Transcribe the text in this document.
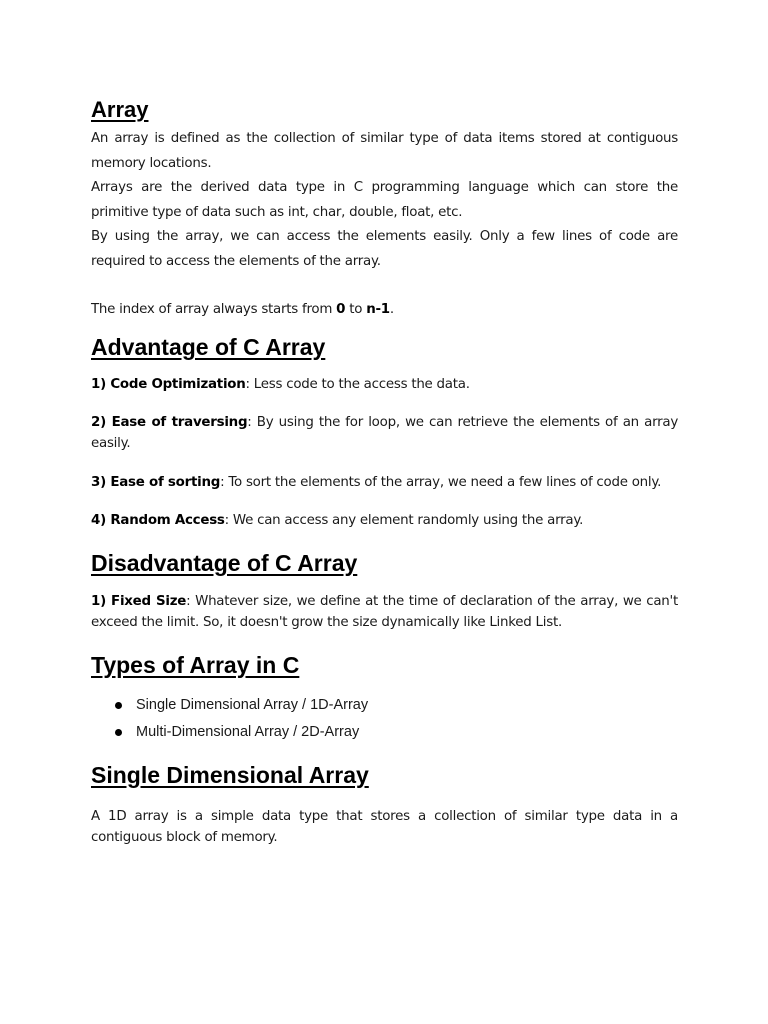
Array

An array is defined as the collection of similar type of data items stored at contiguous memory locations.

Arrays are the derived data type in C programming language which can store the primitive type of data such as int, char, double, float, etc.

By using the array, we can access the elements easily. Only a few lines of code are required to access the elements of the array.

The index of array always starts from 0 to n-1.

Advantage of C Array

1) Code Optimization: Less code to the access the data.

2) Ease of traversing: By using the for loop, we can retrieve the elements of an array easily.

3) Ease of sorting: To sort the elements of the array, we need a few lines of code only.

4) Random Access: We can access any element randomly using the array.

Disadvantage of C Array

1) Fixed Size: Whatever size, we define at the time of declaration of the array, we can't exceed the limit. So, it doesn't grow the size dynamically like Linked List.

Types of Array in C
Single Dimensional Array / 1D-Array
Multi-Dimensional Array / 2D-Array
Single Dimensional Array

A 1D array is a simple data type that stores a collection of similar type data in a contiguous block of memory.
